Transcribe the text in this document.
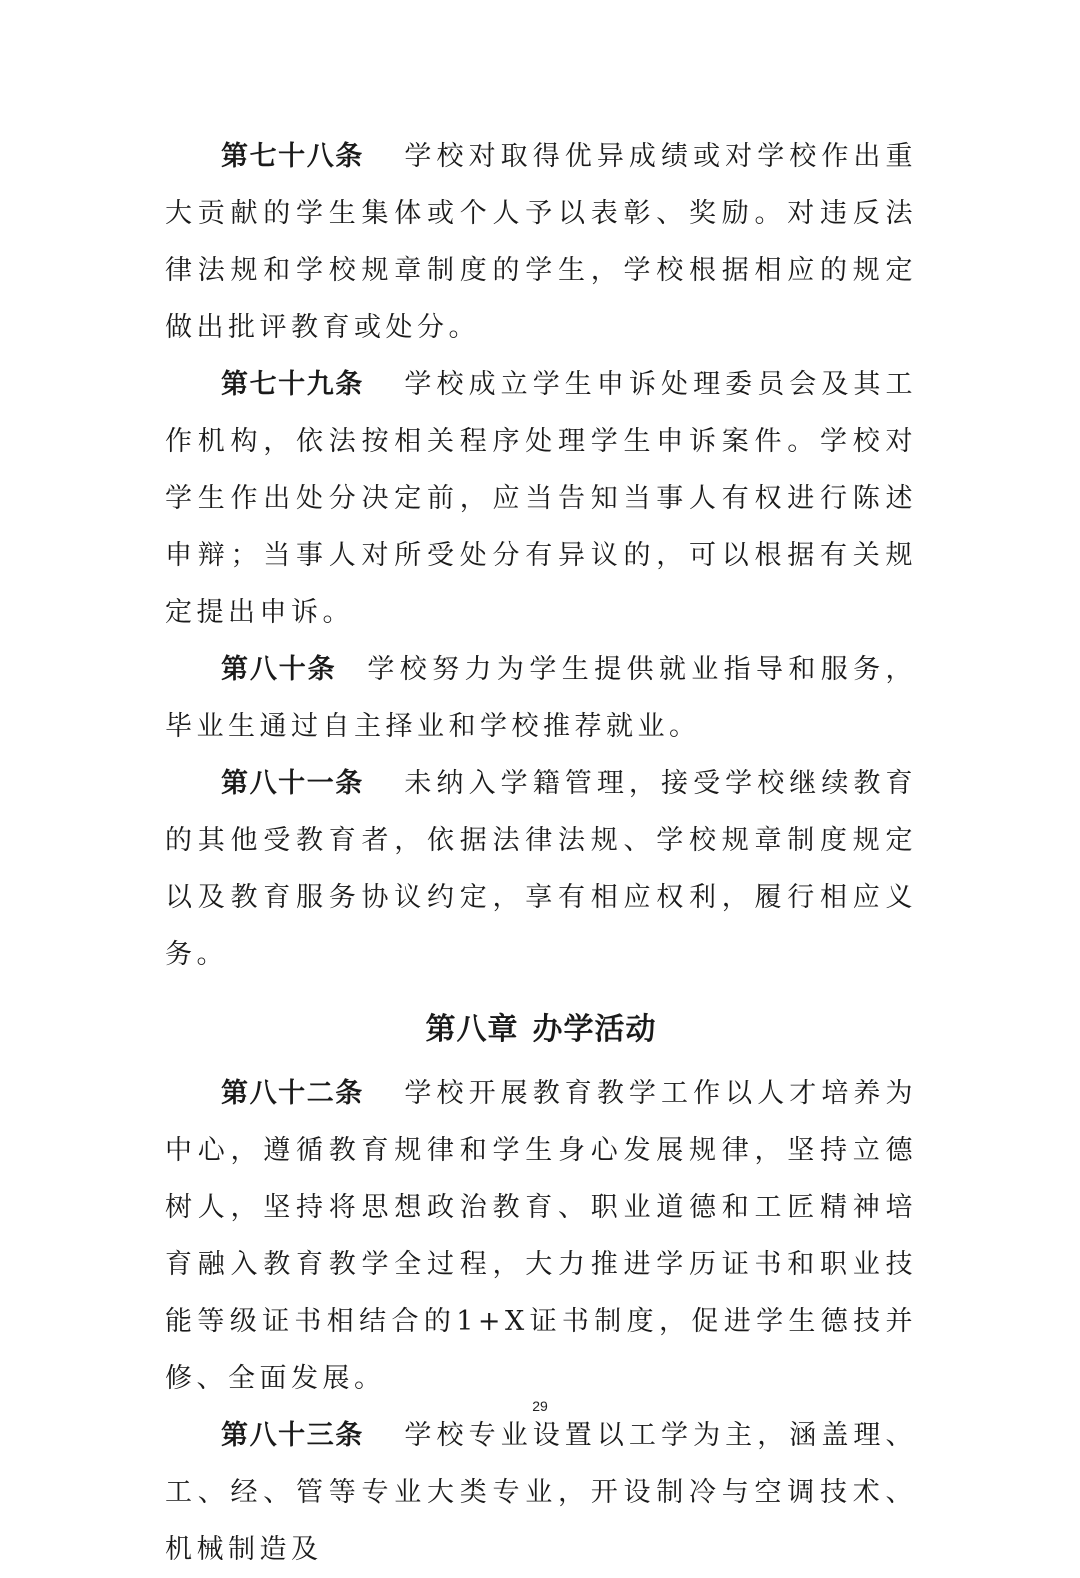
第七十八条 学校对取得优异成绩或对学校作出重大贡献的学生集体或个人予以表彰、奖励。对违反法律法规和学校规章制度的学生，学校根据相应的规定做出批评教育或处分。

第七十九条 学校成立学生申诉处理委员会及其工作机构，依法按相关程序处理学生申诉案件。学校对学生作出处分决定前，应当告知当事人有权进行陈述申辩；当事人对所受处分有异议的，可以根据有关规定提出申诉。

第八十条 学校努力为学生提供就业指导和服务，毕业生通过自主择业和学校推荐就业。

第八十一条 未纳入学籍管理，接受学校继续教育的其他受教育者，依据法律法规、学校规章制度规定以及教育服务协议约定，享有相应权利，履行相应义务。

第八章 办学活动

第八十二条 学校开展教育教学工作以人才培养为中心，遵循教育规律和学生身心发展规律，坚持立德树人，坚持将思想政治教育、职业道德和工匠精神培育融入教育教学全过程，大力推进学历证书和职业技能等级证书相结合的1+X证书制度，促进学生德技并修、全面发展。

第八十三条 学校专业设置以工学为主，涵盖理、工、经、管等专业大类专业，开设制冷与空调技术、机械制造及

29
